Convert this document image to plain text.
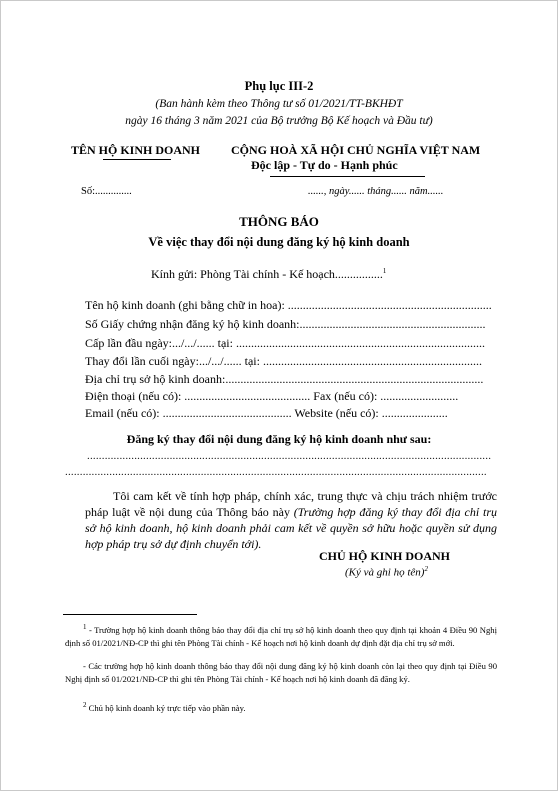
Phụ lục III-2
(Ban hành kèm theo Thông tư số 01/2021/TT-BKHĐT
ngày 16 tháng 3 năm 2021 của Bộ trưởng Bộ Kế hoạch và Đầu tư)
TÊN HỘ KINH DOANH	CỘNG HOÀ XÃ HỘI CHỦ NGHĨA VIỆT NAM
Độc lập - Tự do - Hạnh phúc
Số:..............	......, ngày...... tháng...... năm......
THÔNG BÁO
Về việc thay đổi nội dung đăng ký hộ kinh doanh
Kính gửi: Phòng Tài chính - Kế hoạch................$^1$
Tên hộ kinh doanh (ghi bằng chữ in hoa): ....................................................................
Số Giấy chứng nhận đăng ký hộ kinh doanh:..............................................................
Cấp lần đầu ngày:.../.../...... tại: ...................................................................................
Thay đổi lần cuối ngày:.../.../...... tại: .........................................................................
Địa chỉ trụ sở hộ kinh doanh:......................................................................................
Điện thoại (nếu có): .......................................... Fax (nếu có): ..........................
Email (nếu có): ........................................... Website (nếu có): ......................
Đăng ký thay đổi nội dung đăng ký hộ kinh doanh như sau:
.........................................................................................................................................
...............................................................................................................................................
Tôi cam kết về tính hợp pháp, chính xác, trung thực và chịu trách nhiệm trước pháp luật về nội dung của Thông báo này (Trường hợp đăng ký thay đổi địa chỉ trụ sở hộ kinh doanh, hộ kinh doanh phải cam kết về quyền sở hữu hoặc quyền sử dụng hợp pháp trụ sở dự định chuyển tới).
CHỦ HỘ KINH DOANH
(Ký và ghi họ tên)$^2$
$^1$ - Trường hợp hộ kinh doanh thông báo thay đổi địa chỉ trụ sở hộ kinh doanh theo quy định tại khoản 4 Điều 90 Nghị định số 01/2021/NĐ-CP thì ghi tên Phòng Tài chính - Kế hoạch nơi hộ kinh doanh dự định đặt địa chỉ trụ sở mới.
- Các trường hợp hộ kinh doanh thông báo thay đổi nội dung đăng ký hộ kinh doanh còn lại theo quy định tại Điều 90 Nghị định số 01/2021/NĐ-CP thì ghi tên Phòng Tài chính - Kế hoạch nơi hộ kinh doanh đã đăng ký.
$^2$ Chủ hộ kinh doanh ký trực tiếp vào phần này.
